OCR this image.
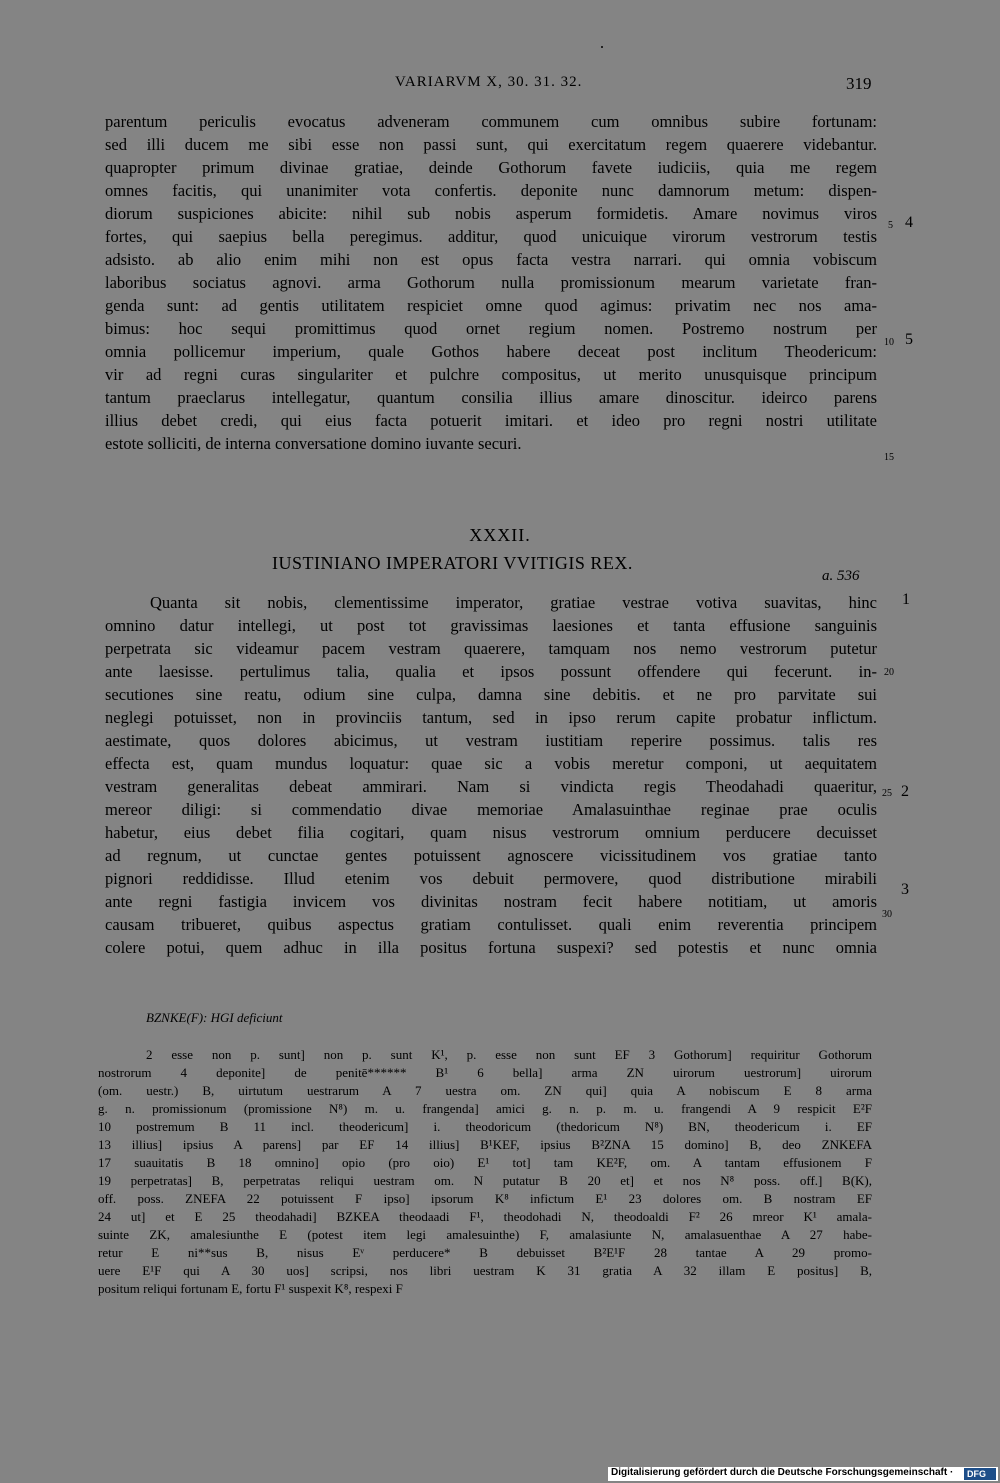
VARIARVM X, 30. 31. 32.	319
parentum periculis evocatus adveneram communem cum omnibus subire fortunam:
sed illi ducem me sibi esse non passi sunt, qui exercitatum regem quaerere videbantur.
quapropter primum divinae gratiae, deinde Gothorum favete iudiciis, quia me regem
omnes facitis, qui unanimiter vota confertis. deponite nunc damnorum metum: dispen-
diorum suspiciones abicite: nihil sub nobis asperum formidetis. Amare novimus viros
fortes, qui saepius bella peregimus. additur, quod unicuique virorum vestrorum testis
adsisto. ab alio enim mihi non est opus facta vestra narrari. qui omnia vobiscum
laboribus sociatus agnovi. arma Gothorum nulla promissionum mearum varietate fran-
genda sunt: ad gentis utilitatem respiciet omne quod agimus: privatim nec nos ama-
bimus: hoc sequi promittimus quod ornet regium nomen. Postremo nostrum per
omnia pollicemur imperium, quale Gothos habere deceat post inclitum Theodericum:
vir ad regni curas singulariter et pulchre compositus, ut merito unusquisque principum
tantum praeclarus intellegatur, quantum consilia illius amare dinoscitur. ideirco parens
illius debet credi, qui eius facta potuerit imitari. et ideo pro regni nostri utilitate
estote solliciti, de interna conversatione domino iuvante securi.
5 4
10 5
15
XXXII.
IUSTINIANO IMPERATORI VVITIGIS REX.
a. 536
Quanta sit nobis, clementissime imperator, gratiae vestrae votiva suavitas, hinc
omnino datur intellegi, ut post tot gravissimas laesiones et tanta effusione sanguinis
perpetrata sic videamur pacem vestram quaerere, tamquam nos nemo vestrorum putetur
ante laesisse. pertulimus talia, qualia et ipsos possunt offendere qui fecerunt. in-
secutiones sine reatu, odium sine culpa, damna sine debitis. et ne pro parvitate sui
neglegi potuisset, non in provinciis tantum, sed in ipso rerum capite probatur inflictum.
aestimate, quos dolores abicimus, ut vestram iustitiam reperire possimus. talis res
effecta est, quam mundus loquatur: quae sic a vobis meretur componi, ut aequitatem
vestram generalitas debeat ammirari. Nam si vindicta regis Theodahadi quaeritur,
mereor diligi: si commendatio divae memoriae Amalasuinthae reginae prae oculis
habetur, eius debet filia cogitari, quam nisus vestrorum omnium perducere decuisset
ad regnum, ut cunctae gentes potuissent agnoscere vicissitudinem vos gratiae tanto
pignori reddidisse. Illud etenim vos debuit permovere, quod distributione mirabili
ante regni fastigia invicem vos divinitas nostram fecit habere notitiam, ut amoris
causam tribueret, quibus aspectus gratiam contulisset. quali enim reverentia principem
colere potui, quem adhuc in illa positus fortuna suspexi? sed potestis et nunc omnia
1
20
25 2
3
30
BZNKE(F): HGI deficiunt
2 esse non p. sunt] non p. sunt K¹, p. esse non sunt EF 3 Gothorum] requiritur Gothorum
nostrorum 4 deponite] de penitē****** B¹ 6 bella] arma ZN uirorum uestrorum] uirorum
(om. uestr.) B, uirtutum uestrarum A 7 uestra om. ZN qui] quia A nobiscum E 8 arma
g. n. promissionum (promissione N⁸) m. u. frangenda] amici g. n. p. m. u. frangendi A 9 respicit E²F
10 postremum B 11 incl. theodericum] i. theodoricum (thedoricum N⁸) BN, theodericum i. EF
13 illius] ipsius A parens] par EF 14 illius] B¹KEF, ipsius B²ZNA 15 domino] B, deo ZNKEFA
17 suauitatis B 18 omnino] opio (pro oio) E¹ tot] tam KE²F, om. A tantam effusionem F
19 perpetratas] B, perpetratas reliqui uestram om. N putatur B 20 et] et nos N⁸ poss. off.] B(K),
off. poss. ZNEFA 22 potuissent F ipso] ipsorum K⁸ infictum E¹ 23 dolores om. B nostram EF
24 ut] et E 25 theodahadi] BZKEA theodaadi F¹, theodohadi N, theodoaldi F² 26 mreor K¹ amala-
suinte ZK, amalesiunthe E (potest item legi amalesuinthe) F, amalasiunte N, amalasuenthae A 27 habe-
retur E ni**sus B, nisus Eᵛ perducere* B debuisset B²E¹F 28 tantae A 29 promo-
uere E¹F qui A 30 uos] scripsi, nos libri uestram K 31 gratia A 32 illam E positus] B,
positum reliqui fortunam E, fortu F¹ suspexit K⁸, respexi F
Digitalisierung gefördert durch die Deutsche Forschungsgemeinschaft · DFG
